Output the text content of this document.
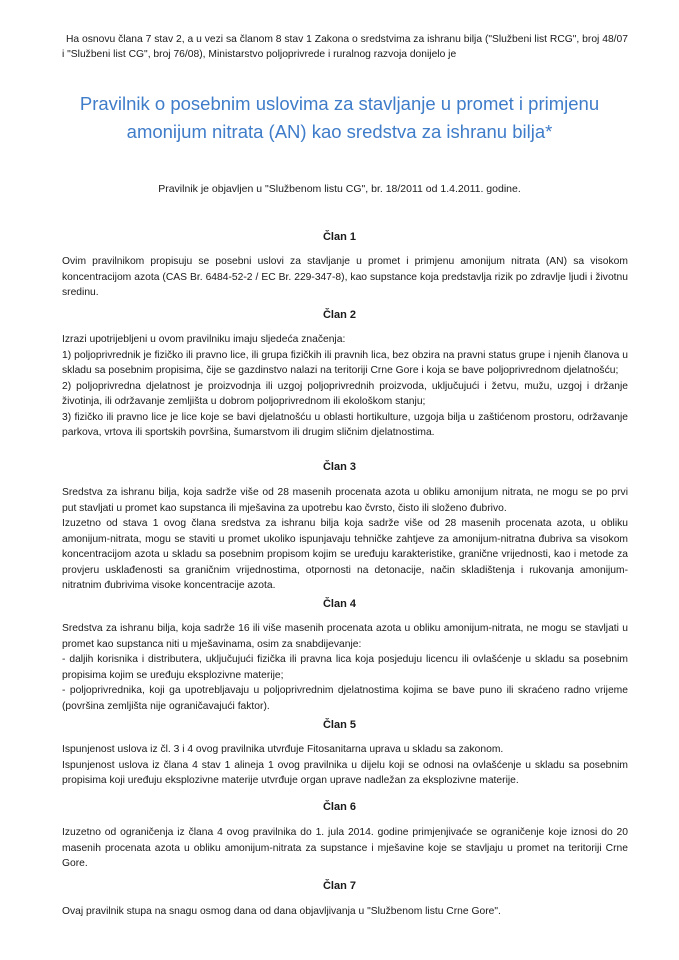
Ha osnovu člana 7 stav 2, a u vezi sa članom 8 stav 1 Zakona o sredstvima za ishranu bilja ("Službeni list RCG", broj 48/07 i "Službeni list CG", broj 76/08), Ministarstvo poljoprivrede i ruralnog razvoja donijelo je
Pravilnik o posebnim uslovima za stavljanje u promet i primjenu amonijum nitrata (AN) kao sredstva za ishranu bilja*
Pravilnik je objavljen u "Službenom listu CG", br. 18/2011 od 1.4.2011. godine.
Član 1

Ovim pravilnikom propisuju se posebni uslovi za stavljanje u promet i primjenu amonijum nitrata (AN) sa visokom koncentracijom azota (CAS Br. 6484-52-2 / EC Br. 229-347-8), kao supstance koja predstavlja rizik po zdravlje ljudi i životnu sredinu.

Član 2

Izrazi upotrijebljeni u ovom pravilniku imaju sljedeća značenja:

1) poljoprivrednik je fizičko ili pravno lice, ili grupa fizičkih ili pravnih lica, bez obzira na pravni status grupe i njenih članova u skladu sa posebnim propisima, čije se gazdinstvo nalazi na teritoriji Crne Gore i koja se bave poljoprivrednom djelatnošću;

2) poljoprivredna djelatnost je proizvodnja ili uzgoj poljoprivrednih proizvoda, uključujući i žetvu, mužu, uzgoj i držanje životinja, ili održavanje zemljišta u dobrom poljoprivrednom ili ekološkom stanju;

3) fizičko ili pravno lice je lice koje se bavi djelatnošću u oblasti hortikulture, uzgoja bilja u zaštićenom prostoru, održavanje parkova, vrtova ili sportskih površina, šumarstvom ili drugim sličnim djelatnostima.

Član 3

Sredstva za ishranu bilja, koja sadrže više od 28 masenih procenata azota u obliku amonijum nitrata, ne mogu se po prvi put stavljati u promet kao supstanca ili mješavina za upotrebu kao čvrsto, čisto ili složeno đubrivo.

Izuzetno od stava 1 ovog člana sredstva za ishranu bilja koja sadrže više od 28 masenih procenata azota, u obliku amonijum-nitrata, mogu se staviti u promet ukoliko ispunjavaju tehničke zahtjeve za amonijum-nitratna đubriva sa visokom koncentracijom azota u skladu sa posebnim propisom kojim se uređuju karakteristike, granične vrijednosti, kao i metode za provjeru usklađenosti sa graničnim vrijednostima, otpornosti na detonacije, način skladištenja i rukovanja amonijum-nitratnim đubrivima visoke koncentracije azota.

Član 4

Sredstva za ishranu bilja, koja sadrže 16 ili više masenih procenata azota u obliku amonijum-nitrata, ne mogu se stavljati u promet kao supstanca niti u mješavinama, osim za snabdijevanje:

- daljih korisnika i distributera, uključujući fizička ili pravna lica koja posjeduju licencu ili ovlašćenje u skladu sa posebnim propisima kojim se uređuju eksplozivne materije;

- poljoprivrednika, koji ga upotrebljavaju u poljoprivrednim djelatnostima kojima se bave puno ili skraćeno radno vrijeme (površina zemljišta nije ograničavajući faktor).

Član 5

Ispunjenost uslova iz čl. 3 i 4 ovog pravilnika utvrđuje Fitosanitarna uprava u skladu sa zakonom.

Ispunjenost uslova iz člana 4 stav 1 alineja 1 ovog pravilnika u dijelu koji se odnosi na ovlašćenje u skladu sa posebnim propisima koji uređuju eksplozivne materije utvrđuje organ uprave nadležan za eksplozivne materije.

Član 6

Izuzetno od ograničenja iz člana 4 ovog pravilnika do 1. jula 2014. godine primjenjivaće se ograničenje koje iznosi do 20 masenih procenata azota u obliku amonijum-nitrata za supstance i mješavine koje se stavljaju u promet na teritoriji Crne Gore.

Član 7

Ovaj pravilnik stupa na snagu osmog dana od dana objavljivanja u "Službenom listu Crne Gore".
